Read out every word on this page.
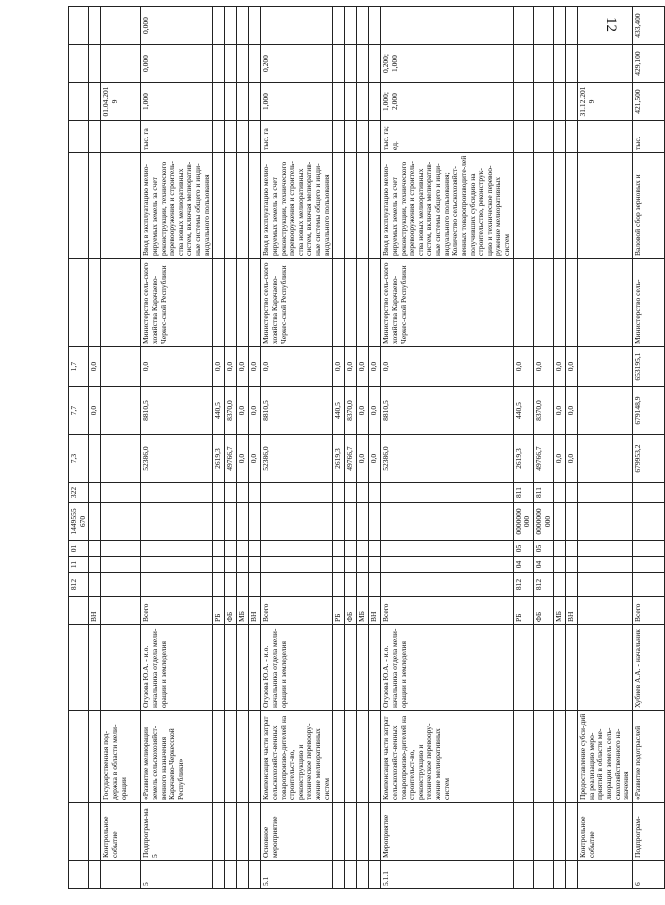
12
					812	11	01	1449555 670	322	7,3	7,7	1,7						
				ВН							0,0	0,0						
	Контрольное событие	Государственная под-держка в области мели-орации														01.04.2019		
5	Подпрограм-ма 5	«Развитие мелиорации земель сельскохозяйст-венного назначения Карачаево-Черкесской Республики»	Огузова Ю.А. - и.о. начальника отдела мели-орации и земледелия	Всего						52386,0	8810,5	0,0	Министерство сель-ского хозяйства Карачаево-Черкес-ской Республики	Ввод в эксплуатацию мелио-рируемых земель за счет реконструкции, технического перевооружения и строитель-ства новых мелиоративных систем, включая мелиоратив-ные системы общего и инди-видуального пользования	тыс. га	1,000	0,000	0,000
				РБ						2619,3	440,5	0,0						
				ФБ						49766,7	8370,0	0,0						
				МБ						0,0	0,0	0,0						
				ВН						0,0	0,0	0,0						
5.1	Основное мероприятие	Компенсация части затрат сельскохозяйст-венных товаропроизво-дителей на строительст-во, реконструкцию и техническое перевоору-жение мелиоративных систем	Огузова Ю.А. - и.о. начальника отдела мели-орации и земледелия	Всего						52386,0	8810,5	0,0	Министерство сель-ского хозяйства Карачаево-Черкес-ской Республики	Ввод в эксплуатацию мелио-рируемых земель за счет реконструкции, технического перевооружения и строитель-ства новых мелиоративных систем, включая мелиоратив-ные системы общего и инди-видуального пользования	тыс. га	1,000	0,200	
				РБ						2619,3	440,5	0,0						
				ФБ						49766,7	8370,0	0,0						
				МБ						0,0	0,0	0,0						
				ВН						0,0	0,0	0,0						
5.1.1	Мероприятие	Компенсация части затрат сельскохозяйст-венных товаропроизво-дителей на строительст-во, реконструкцию и техническое перевоору-жение мелиоративных систем	Огузова Ю.А. - и.о. начальника отдела мели-орации и земледелия	Всего						52386,0	8810,5	0,0	Министерство сель-ского хозяйства Карачаево-Черкес-ской Республики	Ввод в эксплуатацию мелио-рируемых земель за счет реконструкции, технического перевооружения и строитель-ства новых мелиоративных систем, включая мелиоратив-ные системы общего и инди-видуального пользования; Количество сельскохозяйст-венных товаропроизводите-лей получивших субсидию на строительство, реконструк-цию и техническое перевоо-ружение мелиоративных систем	тыс. га; ед.	1,000; 2,000	0,200; 1,000	
				РБ	812	04	05	0000000 000	811	2619,3	440,5	0,0						
				ФБ	812	04	05	0000000 000	811	49766,7	8370,0	0,0						
				МБ						0,0	0,0	0,0						
				ВН						0,0	0,0	0,0						
	Контрольное событие	Предоставление субси-дий на реализацию меро-приятий в области ме-лиорации земель сель-скохозяйственного на-значения														31.12.2019		
6	Подпрограм-	«Развитие подотраслей	Хубиев А.А. - начальник	Всего						679953,2	679148,9	653195,1	Министерство сель-	Валовой сбор зерновых и	тыс.	421,500	429,100	433,400
